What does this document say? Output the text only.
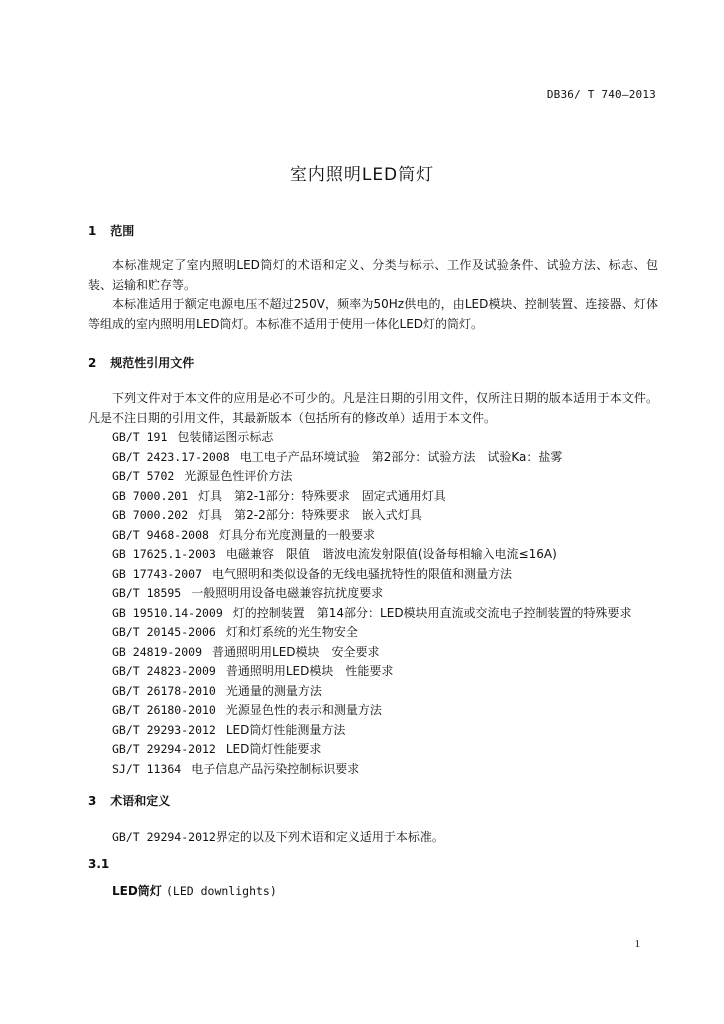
DB36/ T 740—2013
室内照明LED筒灯
1 范围
本标准规定了室内照明LED筒灯的术语和定义、分类与标示、工作及试验条件、试验方法、标志、包装、运输和贮存等。
本标准适用于额定电源电压不超过250V，频率为50Hz供电的，由LED模块、控制装置、连接器、灯体等组成的室内照明用LED筒灯。本标准不适用于使用一体化LED灯的筒灯。
2 规范性引用文件
下列文件对于本文件的应用是必不可少的。凡是注日期的引用文件，仅所注日期的版本适用于本文件。凡是不注日期的引用文件，其最新版本（包括所有的修改单）适用于本文件。
GB/T 191 包装储运图示标志
GB/T 2423.17-2008 电工电子产品环境试验　第2部分：试验方法　试验Ka：盐雾
GB/T 5702 光源显色性评价方法
GB 7000.201 灯具　第2-1部分：特殊要求　固定式通用灯具
GB 7000.202 灯具　第2-2部分：特殊要求　嵌入式灯具
GB/T 9468-2008 灯具分布光度测量的一般要求
GB 17625.1-2003 电磁兼容　限值　谐波电流发射限值(设备每相输入电流≤16A)
GB 17743-2007 电气照明和类似设备的无线电骚扰特性的限值和测量方法
GB/T 18595 一般照明用设备电磁兼容抗扰度要求
GB 19510.14-2009 灯的控制装置　第14部分：LED模块用直流或交流电子控制装置的特殊要求
GB/T 20145-2006 灯和灯系统的光生物安全
GB 24819-2009 普通照明用LED模块　安全要求
GB/T 24823-2009 普通照明用LED模块　性能要求
GB/T 26178-2010 光通量的测量方法
GB/T 26180-2010 光源显色性的表示和测量方法
GB/T 29293-2012 LED筒灯性能测量方法
GB/T 29294-2012 LED筒灯性能要求
SJ/T 11364 电子信息产品污染控制标识要求
3 术语和定义
GB/T 29294-2012界定的以及下列术语和定义适用于本标准。
3.1
LED筒灯 (LED downlights)
1
